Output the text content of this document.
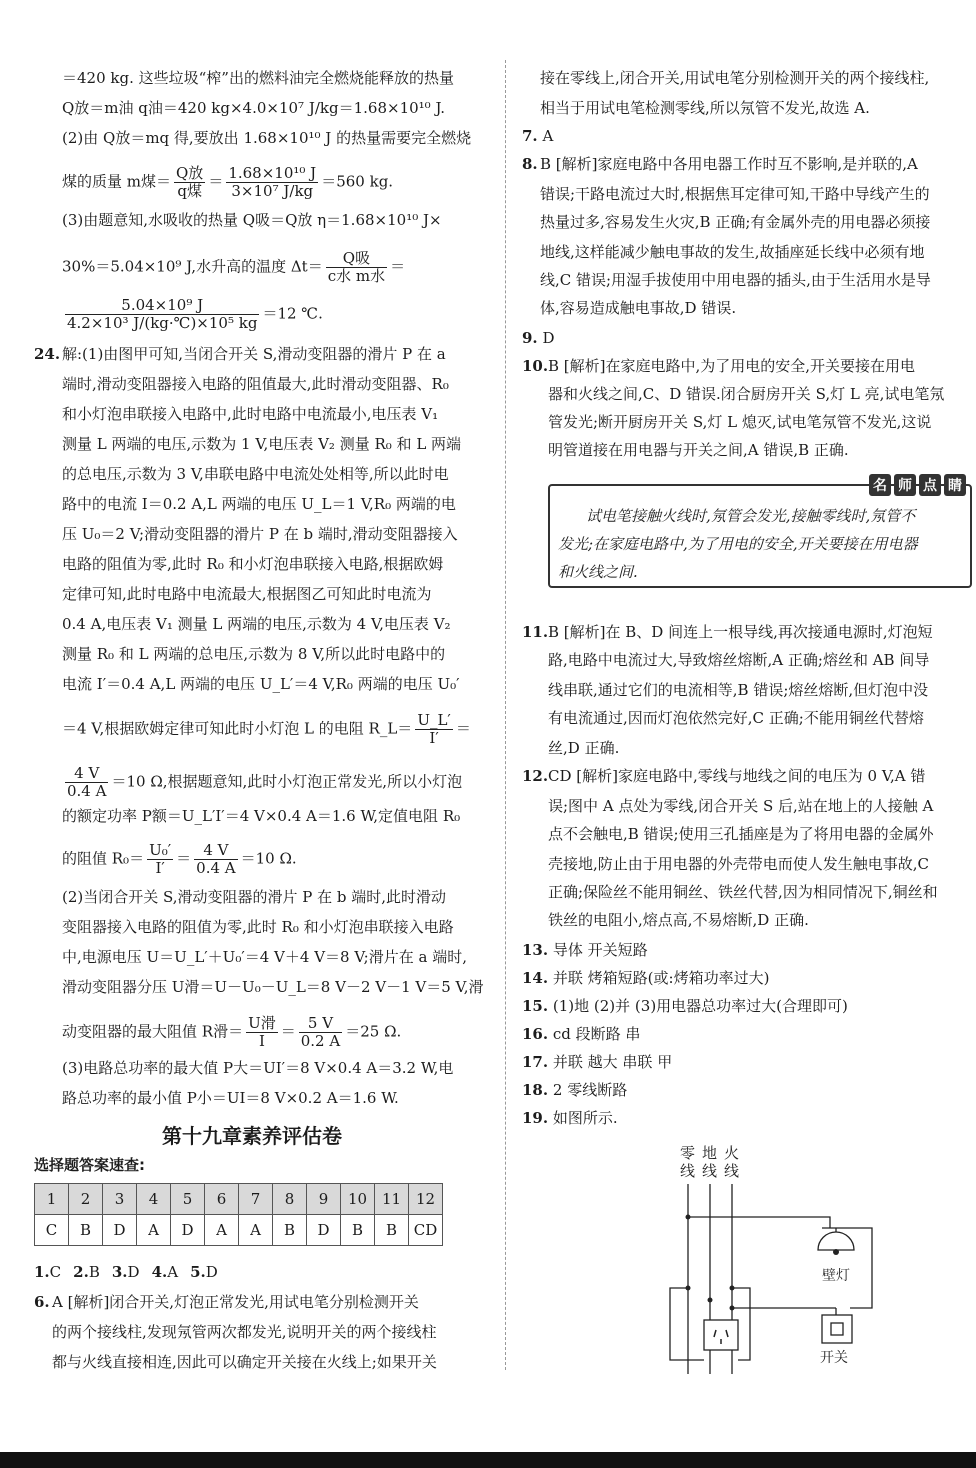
＝420 kg. 这些垃圾“榨”出的燃料油完全燃烧能释放的热量
Q放＝m油 q油＝420 kg×4.0×10⁷ J/kg＝1.68×10¹⁰ J.
(2)由 Q放＝mq 得,要放出 1.68×10¹⁰ J 的热量需要完全燃烧
煤的质量 m煤＝ $\frac{\text{Q放}}{\text{q煤}} = \frac{\text{1.68×10¹⁰ J}}{\text{3×10⁷ J/kg}} =560$ kg.
(3)由题意知,水吸收的热量 Q吸＝Q放 η＝1.68×10¹⁰ J×
30%＝5.04×10⁹ J,水升高的温度 $\Delta t= \frac{\text{Q吸}}{\text{c水 m水}}$ ＝
$\frac{\text{5.04×10⁹ J}}{\text{4.2×10³ J/(kg·℃)×10⁵ kg}} =12$ ℃.
24. 解:(1)由图甲可知,当闭合开关 S,滑动变阻器的滑片 P 在 a
端时,滑动变阻器接入电路的阻值最大,此时滑动变阻器、R₀
和小灯泡串联接入电路中,此时电路中电流最小,电压表 V₁
测量 L 两端的电压,示数为 1 V,电压表 V₂ 测量 R₀ 和 L 两端
的总电压,示数为 3 V,串联电路中电流处处相等,所以此时电
路中的电流 I＝0.2 A,L 两端的电压 U_L＝1 V,R₀ 两端的电
压 U₀＝2 V;滑动变阻器的滑片 P 在 b 端时,滑动变阻器接入
电路的阻值为零,此时 R₀ 和小灯泡串联接入电路,根据欧姆
定律可知,此时电路中电流最大,根据图乙可知此时电流为
0.4 A,电压表 V₁ 测量 L 两端的电压,示数为 4 V,电压表 V₂
测量 R₀ 和 L 两端的总电压,示数为 8 V,所以此时电路中的
电流 I′＝0.4 A,L 两端的电压 U_L′＝4 V,R₀ 两端的电压 U₀′
＝4 V,根据欧姆定律可知此时小灯泡 L 的电阻 R_L＝ $\frac{U\_L'}{I'}$ ＝
$\frac{4 V}{0.4 A} =10$ Ω,根据题意知,此时小灯泡正常发光,所以小灯泡
的额定功率 P额＝U_L′I′＝4 V×0.4 A＝1.6 W,定值电阻 R₀
的阻值 $R_0= \frac{\text{U₀′}}{I'} = \frac{4 V}{0.4 A} =10$ Ω.
(2)当闭合开关 S,滑动变阻器的滑片 P 在 b 端时,此时滑动
变阻器接入电路的阻值为零,此时 R₀ 和小灯泡串联接入电路
中,电源电压 U＝U_L′＋U₀′＝4 V＋4 V＝8 V;滑片在 a 端时,
滑动变阻器分压 U滑＝U－U₀－U_L＝8 V－2 V－1 V＝5 V,滑
动变阻器的最大阻值 R滑＝ $\frac{\text{U滑}}{I} = \frac{5 V}{0.2 A} =25$ Ω.
(3)电路总功率的最大值 P大＝UI′＝8 V×0.4 A＝3.2 W,电
路总功率的最小值 P小＝UI＝8 V×0.2 A＝1.6 W.
第十九章素养评估卷
选择题答案速查:
1	2	3	4	5	6	7	8	9	10	11	12
C	B	D	A	D	A	A	B	D	B	B	CD
1.C 2.B 3.D 4.A 5.D
6. A [解析]闭合开关,灯泡正常发光,用试电笔分别检测开关
的两个接线柱,发现氖管两次都发光,说明开关的两个接线柱
都与火线直接相连,因此可以确定开关接在火线上;如果开关
接在零线上,闭合开关,用试电笔分别检测开关的两个接线柱,
相当于用试电笔检测零线,所以氖管不发光,故选 A.
7. A
8. B [解析]家庭电路中各用电器工作时互不影响,是并联的,A
错误;干路电流过大时,根据焦耳定律可知,干路中导线产生的
热量过多,容易发生火灾,B 正确;有金属外壳的用电器必须接
地线,这样能减少触电事故的发生,故插座延长线中必须有地
线,C 错误;用湿手拔使用中用电器的插头,由于生活用水是导
体,容易造成触电事故,D 错误.
9. D
10. B [解析]在家庭电路中,为了用电的安全,开关要接在用电
器和火线之间,C、D 错误.闭合厨房开关 S,灯 L 亮,试电笔氖
管发光;断开厨房开关 S,灯 L 熄灭,试电笔氖管不发光,这说
明管道接在用电器与开关之间,A 错误,B 正确.
名 师 点 睛
试电笔接触火线时,氖管会发光,接触零线时,氖管不
发光;在家庭电路中,为了用电的安全,开关要接在用电器
和火线之间.
11. B [解析]在 B、D 间连上一根导线,再次接通电源时,灯泡短
路,电路中电流过大,导致熔丝熔断,A 正确;熔丝和 AB 间导
线串联,通过它们的电流相等,B 错误;熔丝熔断,但灯泡中没
有电流通过,因而灯泡依然完好,C 正确;不能用铜丝代替熔
丝,D 正确.
12. CD [解析]家庭电路中,零线与地线之间的电压为 0 V,A 错
误;图中 A 点处为零线,闭合开关 S 后,站在地上的人接触 A
点不会触电,B 错误;使用三孔插座是为了将用电器的金属外
壳接地,防止由于用电器的外壳带电而使人发生触电事故,C
正确;保险丝不能用铜丝、铁丝代替,因为相同情况下,铜丝和
铁丝的电阻小,熔点高,不易熔断,D 正确.
13. 导体 开关短路
14. 并联 烤箱短路(或:烤箱功率过大)
15. (1)地 (2)并 (3)用电器总功率过大(合理即可)
16. cd 段断路 串
17. 并联 越大 串联 甲
18. 2 零线断路
19. 如图所示.
零
线
地
线
火
线
壁灯
开关
